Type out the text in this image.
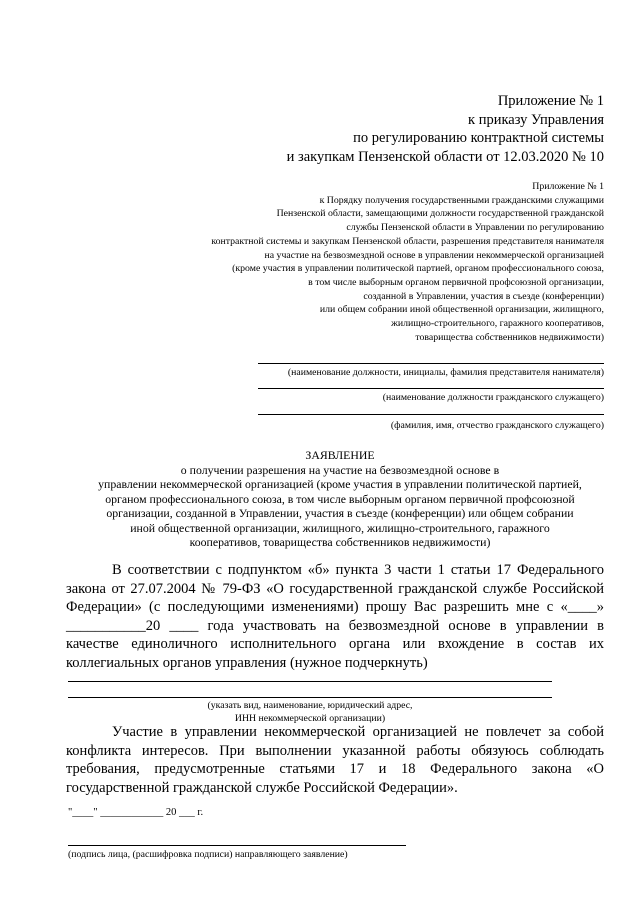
Приложение № 1
к приказу Управления
по регулированию контрактной системы
и закупкам Пензенской области от 12.03.2020 № 10
Приложение № 1
к Порядку получения государственными гражданскими служащими
Пензенской области, замещающими должности государственной гражданской
службы Пензенской области в Управлении по регулированию
контрактной системы и закупкам Пензенской области, разрешения представителя нанимателя
на участие на безвозмездной основе в управлении некоммерческой организацией
(кроме участия в управлении политической партией, органом профессионального союза,
в том числе выборным органом первичной профсоюзной организации,
созданной в Управлении, участия в съезде (конференции)
или общем собрании иной общественной организации, жилищного,
жилищно-строительного, гаражного кооперативов,
товарищества собственников недвижимости)
(наименование должности, инициалы, фамилия представителя нанимателя)
(наименование должности гражданского служащего)
(фамилия, имя, отчество гражданского служащего)
ЗАЯВЛЕНИЕ
о получении разрешения на участие на безвозмездной основе в
управлении некоммерческой организацией (кроме участия в управлении политической партией,
органом профессионального союза, в том числе выборным органом первичной профсоюзной
организации, созданной в Управлении, участия в съезде (конференции) или общем собрании
иной общественной организации, жилищного, жилищно-строительного, гаражного
кооперативов, товарищества собственников недвижимости)

В соответствии с подпунктом «б» пункта 3 части 1 статьи 17 Федерального закона от 27.07.2004 № 79-ФЗ «О государственной гражданской службе Российской Федерации» (с последующими изменениями) прошу Вас разрешить мне с «____» ___________20 ____ года участвовать на безвозмездной основе в управлении в качестве единоличного исполнительного органа или вхождение в состав их коллегиальных органов управления (нужное подчеркнуть)

(указать вид, наименование, юридический адрес,
ИНН некоммерческой организации)

Участие в управлении некоммерческой организацией не повлечет за собой конфликта интересов. При выполнении указанной работы обязуюсь соблюдать требования, предусмотренные статьями 17 и 18 Федерального закона «О государственной гражданской службе Российской Федерации».

"____" ____________ 20 ___ г.
(подпись лица, (расшифровка подписи) направляющего заявление)
